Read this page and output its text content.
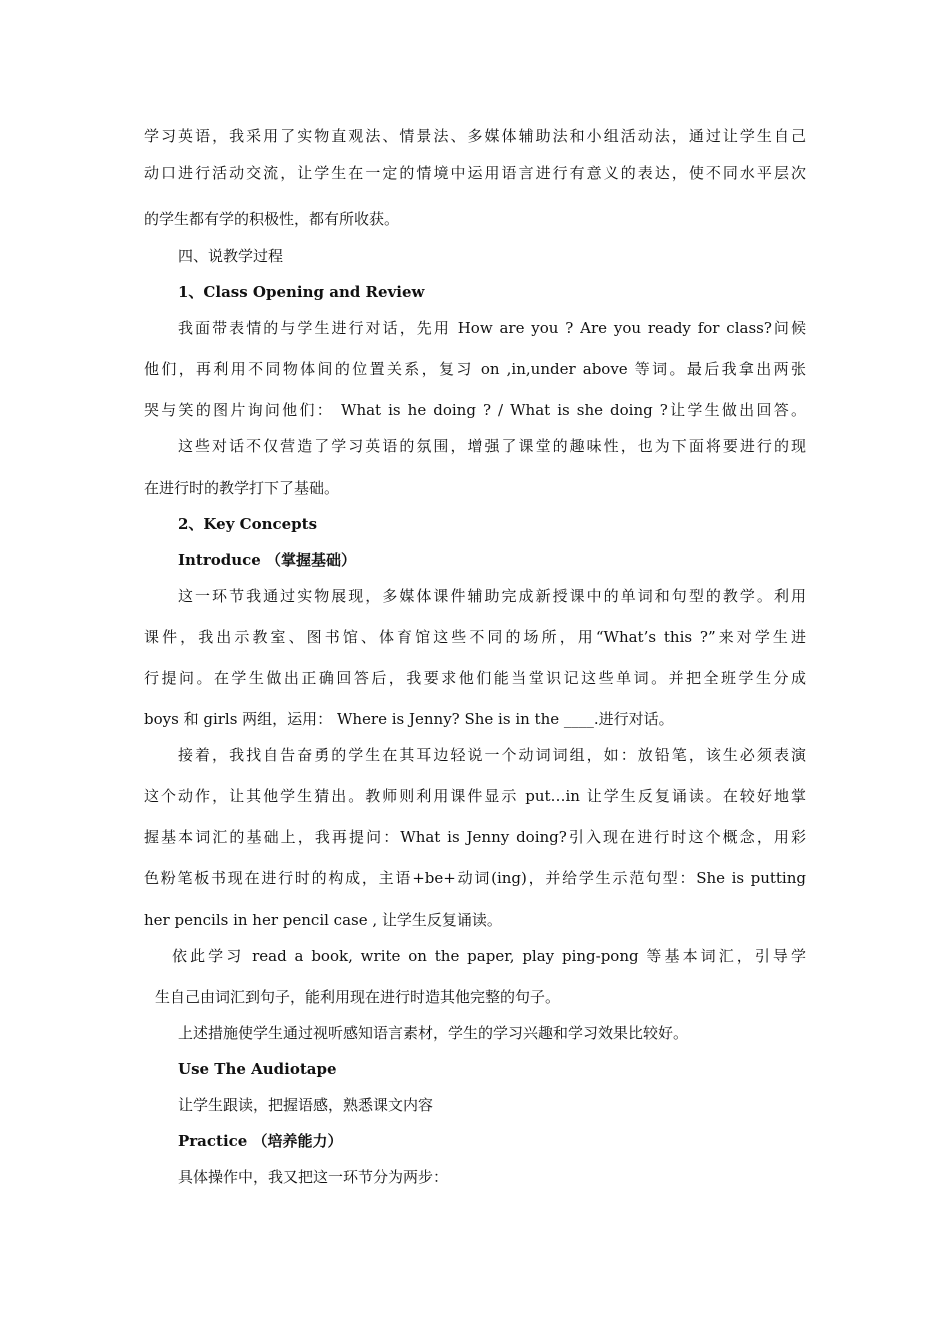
学习英语，我采用了实物直观法、情景法、多媒体辅助法和小组活动法，通过让学生自己
动口进行活动交流，让学生在一定的情境中运用语言进行有意义的表达，使不同水平层次
的学生都有学的积极性，都有所收获。
四、说教学过程
1、Class Opening and Review
我面带表情的与学生进行对话，先用 How are you ? Are you ready for class?问候
他们，再利用不同物体间的位置关系，复习 on ,in,under above 等词。最后我拿出两张
哭与笑的图片询问他们： What is he doing ? / What is she doing ?让学生做出回答。
这些对话不仅营造了学习英语的氛围，增强了课堂的趣味性，也为下面将要进行的现
在进行时的教学打下了基础。
2、Key Concepts
Introduce （掌握基础）
这一环节我通过实物展现，多媒体课件辅助完成新授课中的单词和句型的教学。利用
课件，我出示教室、图书馆、体育馆这些不同的场所，用“What’s this ?”来对学生进
行提问。在学生做出正确回答后，我要求他们能当堂识记这些单词。并把全班学生分成
boys 和 girls 两组，运用： Where is Jenny? She is in the ____.进行对话。
接着，我找自告奋勇的学生在其耳边轻说一个动词词组，如：放铅笔，该生必须表演
这个动作，让其他学生猜出。教师则利用课件显示 put…in 让学生反复诵读。在较好地掌
握基本词汇的基础上，我再提问：What is Jenny doing?引入现在进行时这个概念，用彩
色粉笔板书现在进行时的构成，主语+be+动词(ing)，并给学生示范句型：She is putting
her pencils in her pencil case , 让学生反复诵读。
依此学习 read a book, write on the paper, play ping-pong 等基本词汇，引导学
生自己由词汇到句子，能利用现在进行时造其他完整的句子。
上述措施使学生通过视听感知语言素材，学生的学习兴趣和学习效果比较好。
Use The Audiotape
让学生跟读，把握语感，熟悉课文内容
Practice （培养能力）
具体操作中，我又把这一环节分为两步：
